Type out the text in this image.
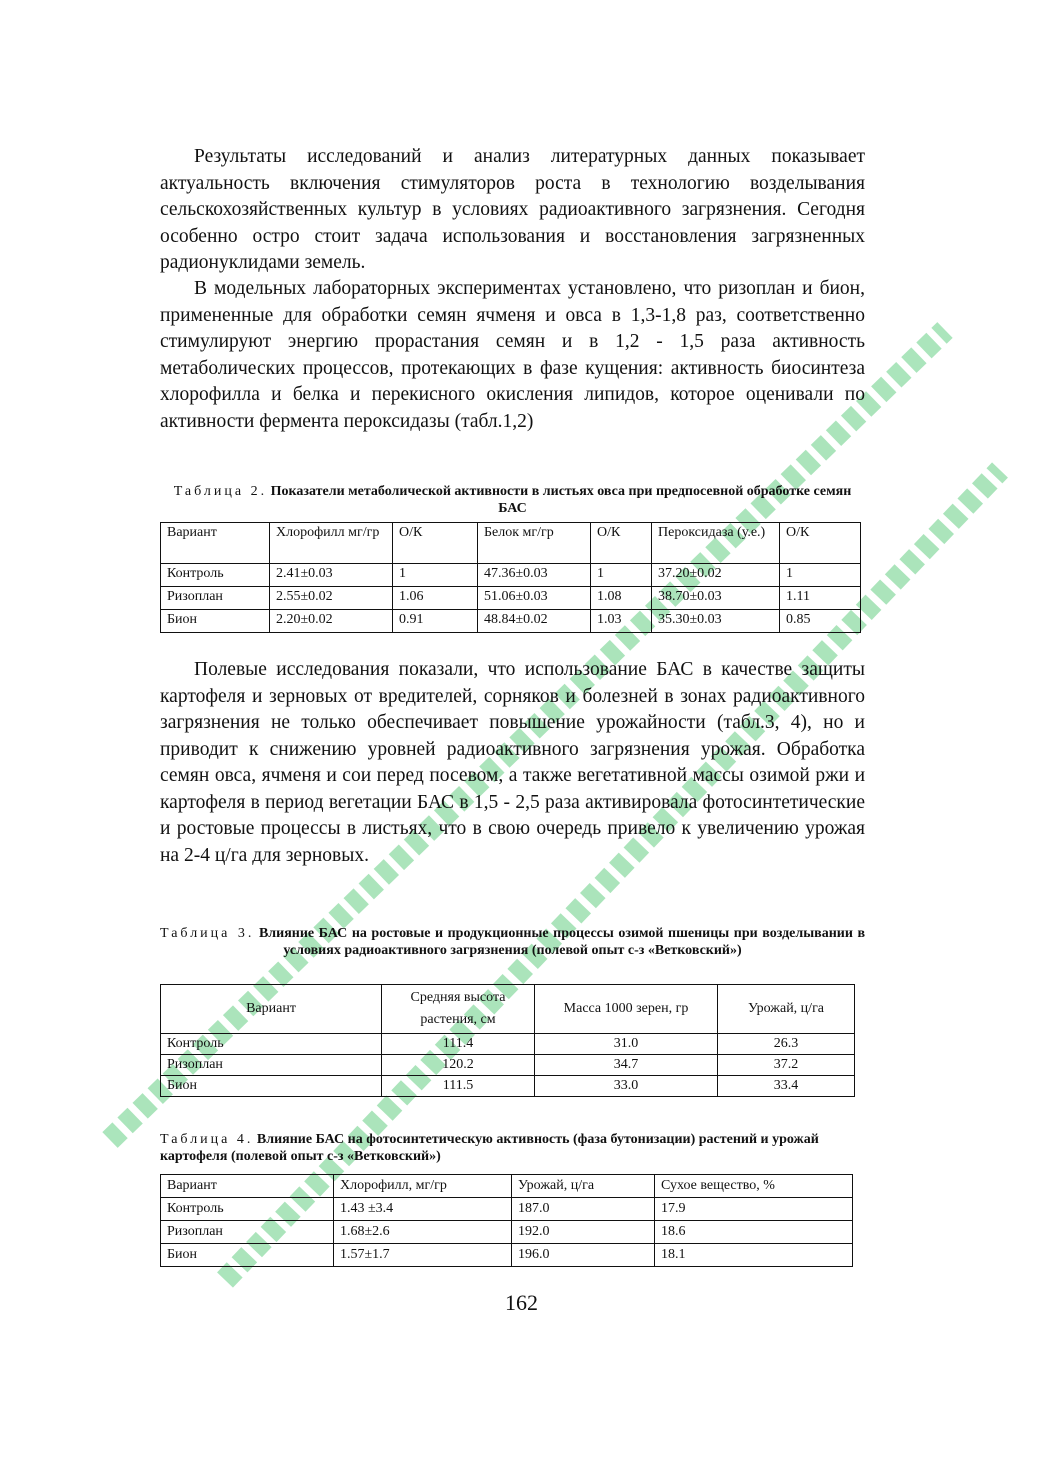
Результаты исследований и анализ литературных данных показывает актуальность включения стимуляторов роста в технологию возделывания сельскохозяйственных культур в условиях радиоактивного загрязнения. Сегодня особенно остро стоит задача использования и восстановления загрязненных радионуклидами земель.

В модельных лабораторных экспериментах установлено, что ризоплан и бион, примененные для обработки семян ячменя и овса в 1,3-1,8 раз, соответственно стимулируют энергию прорастания семян и в 1,2 - 1,5 раза активность метаболических процессов, протекающих в фазе кущения: активность биосинтеза хлорофилла и белка и перекисного окисления липидов, которое оценивали по активности фермента пероксидазы (табл.1,2)

Таблица 2. Показатели метаболической активности в листьях овса при предпосевной обработке семян БАС

Вариант	Хлорофилл мг/гр	О/К	Белок мг/гр	О/К	Пероксидаза (у.е.)	О/К
Контроль	2.41±0.03	1	47.36±0.03	1	37.20±0.02	1
Ризоплан	2.55±0.02	1.06	51.06±0.03	1.08	38.70±0.03	1.11
Бион	2.20±0.02	0.91	48.84±0.02	1.03	35.30±0.03	0.85

Полевые исследования показали, что использование БАС в качестве защиты картофеля и зерновых от вредителей, сорняков и болезней в зонах радиоактивного загрязнения не только обеспечивает повышение урожайности (табл.3, 4), но и приводит к снижению уровней радиоактивного загрязнения урожая. Обработка семян овса, ячменя и сои перед посевом, а также вегетативной массы озимой ржи и картофеля в период вегетации БАС в 1,5 - 2,5 раза активировала фотосинтетические и ростовые процессы в листьях, что в свою очередь привело к увеличению урожая на 2-4 ц/га для зерновых.

Таблица 3. Влияние БАС на ростовые и продукционные процессы озимой пшеницы при возделывании в условиях радиоактивного загрязнения (полевой опыт с-з «Ветковский»)

Вариант	Средняя высота растения, см	Масса 1000 зерен, гр	Урожай, ц/га
Контроль	111.4	31.0	26.3
Ризоплан	120.2	34.7	37.2
Бион	111.5	33.0	33.4

Таблица 4. Влияние БАС на фотосинтетическую активность (фаза бутонизации) растений и урожай картофеля (полевой опыт с-з «Ветковский»)

Вариант	Хлорофилл, мг/гр	Урожай, ц/га	Сухое вещество, %
Контроль	1.43 ±3.4	187.0	17.9
Ризоплан	1.68±2.6	192.0	18.6
Бион	1.57±1.7	196.0	18.1

162
